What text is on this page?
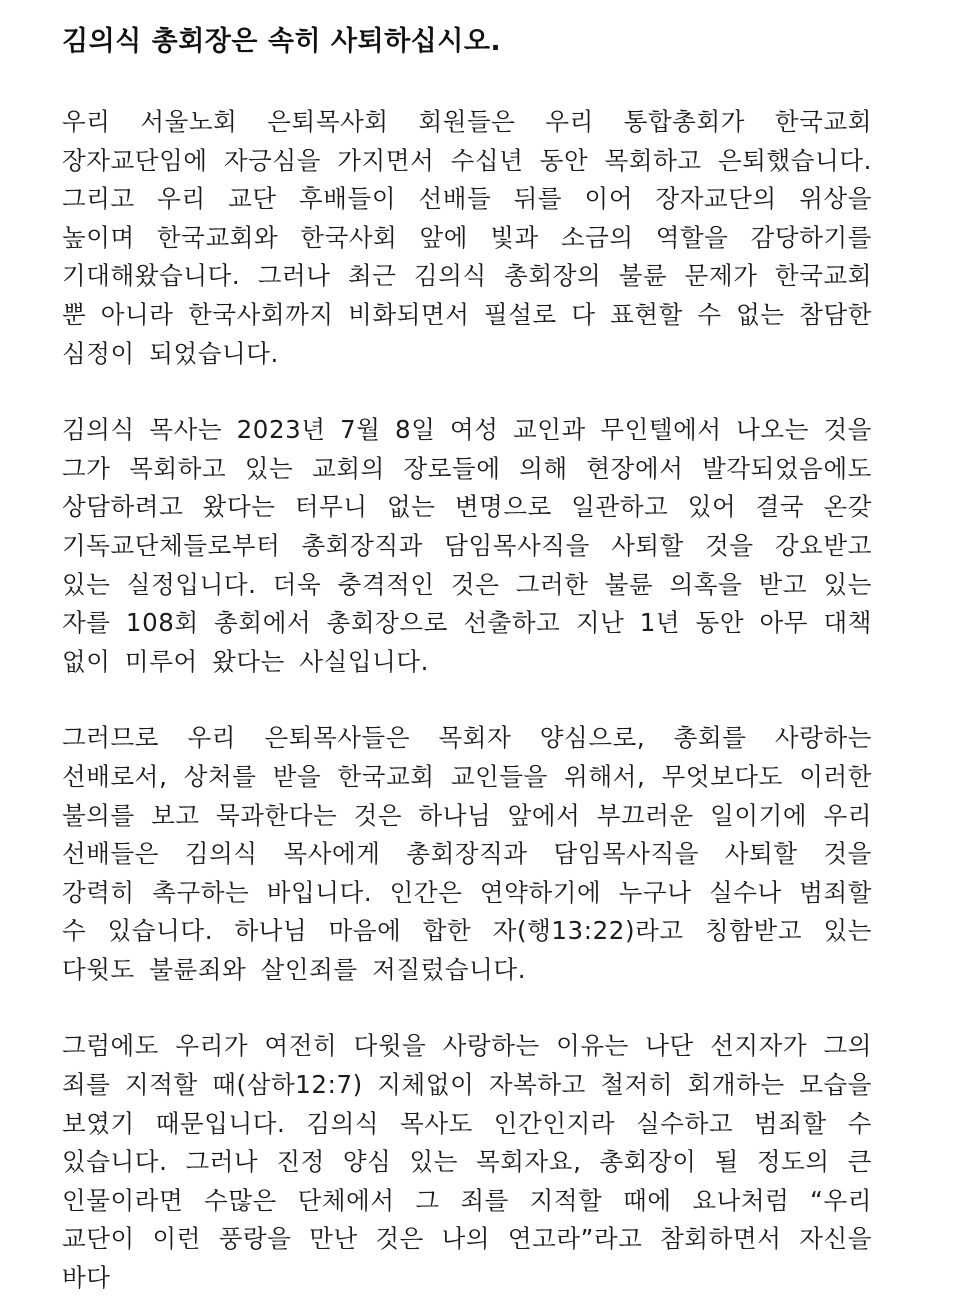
김의식 총회장은 속히 사퇴하십시오.

우리 서울노회 은퇴목사회 회원들은 우리 통합총회가 한국교회 장자교단임에 자긍심을 가지면서 수십년 동안 목회하고 은퇴했습니다. 그리고 우리 교단 후배들이 선배들 뒤를 이어 장자교단의 위상을 높이며 한국교회와 한국사회 앞에 빛과 소금의 역할을 감당하기를 기대해왔습니다. 그러나 최근 김의식 총회장의 불륜 문제가 한국교회 뿐 아니라 한국사회까지 비화되면서 필설로 다 표현할 수 없는 참담한 심정이 되었습니다.

김의식 목사는 2023년 7월 8일 여성 교인과 무인텔에서 나오는 것을 그가 목회하고 있는 교회의 장로들에 의해 현장에서 발각되었음에도 상담하려고 왔다는 터무니 없는 변명으로 일관하고 있어 결국 온갖 기독교단체들로부터 총회장직과 담임목사직을 사퇴할 것을 강요받고 있는 실정입니다. 더욱 충격적인 것은 그러한 불륜 의혹을 받고 있는 자를 108회 총회에서 총회장으로 선출하고 지난 1년 동안 아무 대책 없이 미루어 왔다는 사실입니다.

그러므로 우리 은퇴목사들은 목회자 양심으로, 총회를 사랑하는 선배로서, 상처를 받을 한국교회 교인들을 위해서, 무엇보다도 이러한 불의를 보고 묵과한다는 것은 하나님 앞에서 부끄러운 일이기에 우리 선배들은 김의식 목사에게 총회장직과 담임목사직을 사퇴할 것을 강력히 촉구하는 바입니다. 인간은 연약하기에 누구나 실수나 범죄할 수 있습니다. 하나님 마음에 합한 자(행13:22)라고 칭함받고 있는 다윗도 불륜죄와 살인죄를 저질렀습니다.

그럼에도 우리가 여전히 다윗을 사랑하는 이유는 나단 선지자가 그의 죄를 지적할 때(삼하12:7) 지체없이 자복하고 철저히 회개하는 모습을 보였기 때문입니다. 김의식 목사도 인간인지라 실수하고 범죄할 수 있습니다. 그러나 진정 양심 있는 목회자요, 총회장이 될 정도의 큰 인물이라면 수많은 단체에서 그 죄를 지적할 때에 요나처럼 “우리 교단이 이런 풍랑을 만난 것은 나의 연고라”라고 참회하면서 자신을 바다
